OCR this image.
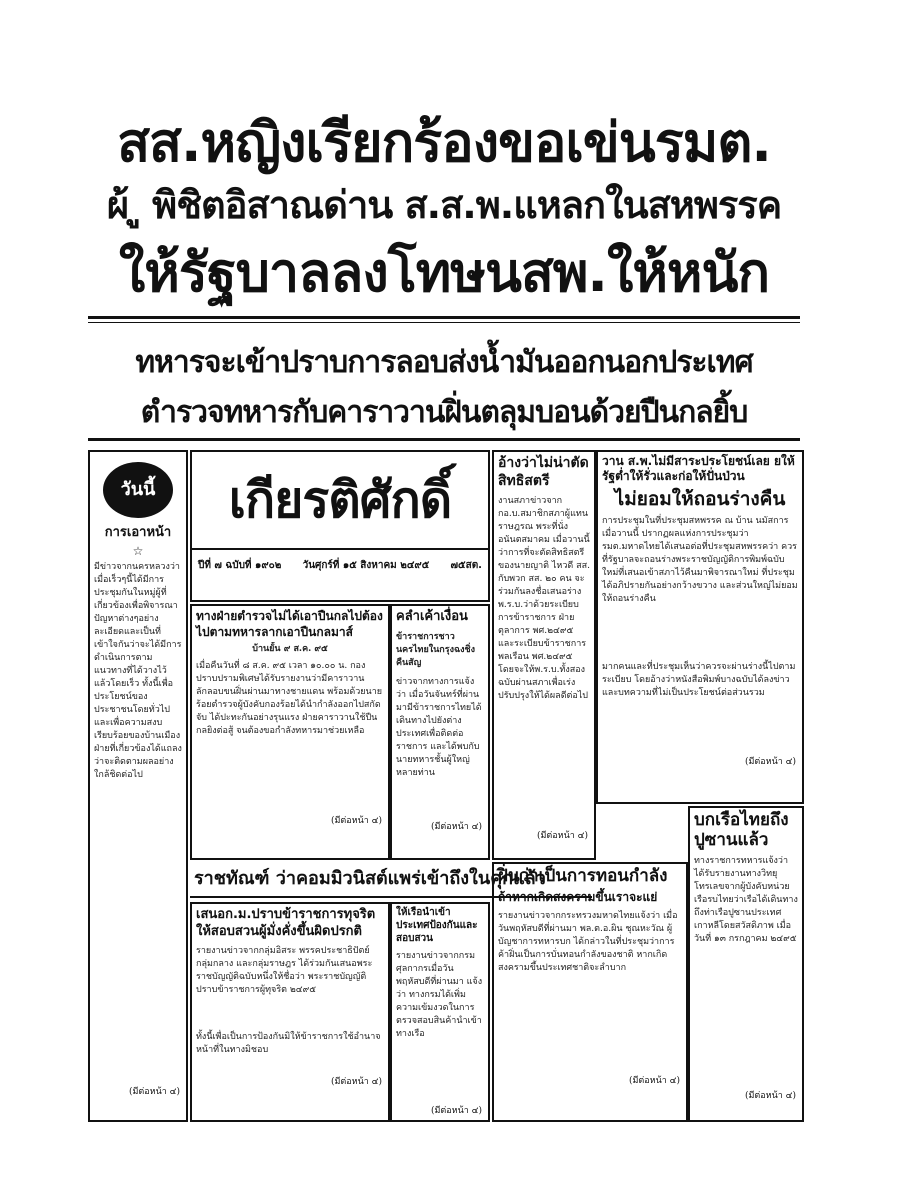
สส.หญิงเรียกร้องขอเข่นรมต.
ผ้ ู พิชิตอิสาณด่าน ส.ส.พ.แหลกในสหพรรค
ให้รัฐบาลลงโทษนสพ.ให้หนัก
ทหารจะเข้าปราบการลอบส่งน้ำมันออกนอกประเทศ
ตำรวจทหารกับคาราวานฝิ่นตลุมบอนด้วยปืนกลยิ้บ
วันนี้
การเอาหน้า
☆
มีข่าวจากนครหลวงว่าเมื่อเร็วๆนี้ได้มีการประชุมกันในหมู่ผู้ที่เกี่ยวข้องเพื่อพิจารณาปัญหาต่างๆอย่างละเอียดและเป็นที่เข้าใจกันว่าจะได้มีการดำเนินการตามแนวทางที่ได้วางไว้แล้วโดยเร็ว ทั้งนี้เพื่อประโยชน์ของประชาชนโดยทั่วไป และเพื่อความสงบเรียบร้อยของบ้านเมือง ฝ่ายที่เกี่ยวข้องได้แถลงว่าจะติดตามผลอย่างใกล้ชิดต่อไป
(มีต่อหน้า ๔)
เกียรติศักดิ์
ปีที่ ๗ ฉบับที่ ๑๙๐๒ วันศุกร์ที่ ๑๕ สิงหาคม ๒๔๙๕ ๗๕สต.
อ้างว่าไม่น่าตัดสิทธิสตรี
งานสภาข่าวจากกอ.บ.สมาชิกสภาผู้แทนราษฎรณ พระที่นั่งอนันตสมาคม เมื่อวานนี้ว่าการที่จะตัดสิทธิสตรีของนายญาติ ไหวดี สส. กับพวก สส. ๒๐ คน จะร่วมกันลงชื่อเสนอร่าง พ.ร.บ.ว่าด้วยระเบียบการข้าราชการ ฝ่ายตุลาการ พศ.๒๔๙๕ และระเบียบข้าราชการพลเรือน พศ.๒๔๙๕ โดยจะให้พ.ร.บ.ทั้งสองฉบับผ่านสภาเพื่อเร่งปรับปรุงให้ได้ผลดีต่อไป
(มีต่อหน้า ๔)
วาน ส.พ.ไม่มีสาระประโยชน์เลย ยให้รัฐต่ำให้รั่วและก่อให้ปั่นป่วน
ไม่ยอมให้ถอนร่างคืน
การประชุมในที่ประชุมสหพรรค ณ บ้าน นมัสการเมื่อวานนี้ ปรากฏผลแห่งการประชุมว่า รมต.มหาดไทยได้เสนอต่อที่ประชุมสหพรรคว่า ควรที่รัฐบาลจะถอนร่างพระราชบัญญัติการพิมพ์ฉบับใหม่ที่เสนอเข้าสภาไว้คืนมาพิจารณาใหม่ ที่ประชุมได้อภิปรายกันอย่างกว้างขวาง และส่วนใหญ่ไม่ยอมให้ถอนร่างคืน
มากคนและที่ประชุมเห็นว่าควรจะผ่านร่างนี้ไปตามระเบียบ โดยอ้างว่าหนังสือพิมพ์บางฉบับได้ลงข่าวและบทความที่ไม่เป็นประโยชน์ต่อส่วนรวม
(มีต่อหน้า ๔)
ทางฝ่ายตำรวจไม่ได้เอาปืนกลไปต้องไปตามทหารลากเอาปืนกลมาส์
บ้านยั้น ๙ ส.ค. ๙๕
เมื่อคืนวันที่ ๘ ส.ค. ๙๕ เวลา ๑๐.๐๐ น. กองปราบปรามพิเศษได้รับรายงานว่ามีคาราวานลักลอบขนฝิ่นผ่านมาทางชายแดน พร้อมด้วยนายร้อยตำรวจผู้บังคับกองร้อยได้นำกำลังออกไปสกัดจับ ได้ปะทะกันอย่างรุนแรง ฝ่ายคาราวานใช้ปืนกลยิงต่อสู้ จนต้องขอกำลังทหารมาช่วยเหลือ
(มีต่อหน้า ๔)
คลำเค้าเงื่อน
ข้าราชการชาวนครไทยในกรุงฉงชิ่งคืนสัญ
ข่าวจากทางการแจ้งว่า เมื่อวันจันทร์ที่ผ่านมามีข้าราชการไทยได้เดินทางไปยังต่างประเทศเพื่อติดต่อราชการ และได้พบกับนายทหารชั้นผู้ใหญ่หลายท่าน
(มีต่อหน้า ๔)	บกเรือไทยถึงปูซานแล้ว
ทางราชการทหารแจ้งว่า ได้รับรายงานทางวิทยุโทรเลขจากผู้บังคับหน่วยเรือรบไทยว่าเรือได้เดินทางถึงท่าเรือปูซานประเทศเกาหลีโดยสวัสดิภาพ เมื่อวันที่ ๑๓ กรกฎาคม ๒๔๙๕
(มีต่อหน้า ๔)
ราชทัณฑ์ ว่าคอมมิวนิสต์แพร่เข้าถึงในคุกแล้ว
เสนอก.ม.ปราบข้าราชการทุจริตให้สอบสวนผู้มั่งคั่งขึ้นผิดปรกติ
รายงานข่าวจากกลุ่มอิสระ พรรคประชาธิปัตย์ กลุ่มกลาง และกลุ่มราษฎร ได้ร่วมกันเสนอพระราชบัญญัติฉบับหนึ่งให้ชื่อว่า พระราชบัญญัติปราบข้าราชการผู้ทุจริต ๒๔๙๕
ทั้งนี้เพื่อเป็นการป้องกันมิให้ข้าราชการใช้อำนาจหน้าที่ในทางมิชอบ
(มีต่อหน้า ๔)
ให้เรือนำเข้าประเทศป้องกันและสอบสวน
รายงานข่าวจากกรมศุลกากรเมื่อวันพฤหัสบดีที่ผ่านมา แจ้งว่า ทางกรมได้เพิ่มความเข้มงวดในการตรวจสอบสินค้านำเข้าทางเรือ
(มีต่อหน้า ๔)
ฝิ่นว่าเป็นการทอนกำลัง
ถ้าหากเกิดสงครามขึ้นเราจะแย่
รายงานข่าวจากกระทรวงมหาดไทยแจ้งว่า เมื่อวันพฤหัสบดีที่ผ่านมา พล.ต.อ.ผิน ชุณหะวัณ ผู้บัญชาการทหารบก ได้กล่าวในที่ประชุมว่าการค้าฝิ่นเป็นการบั่นทอนกำลังของชาติ หากเกิดสงครามขึ้นประเทศชาติจะลำบาก
(มีต่อหน้า ๔)
